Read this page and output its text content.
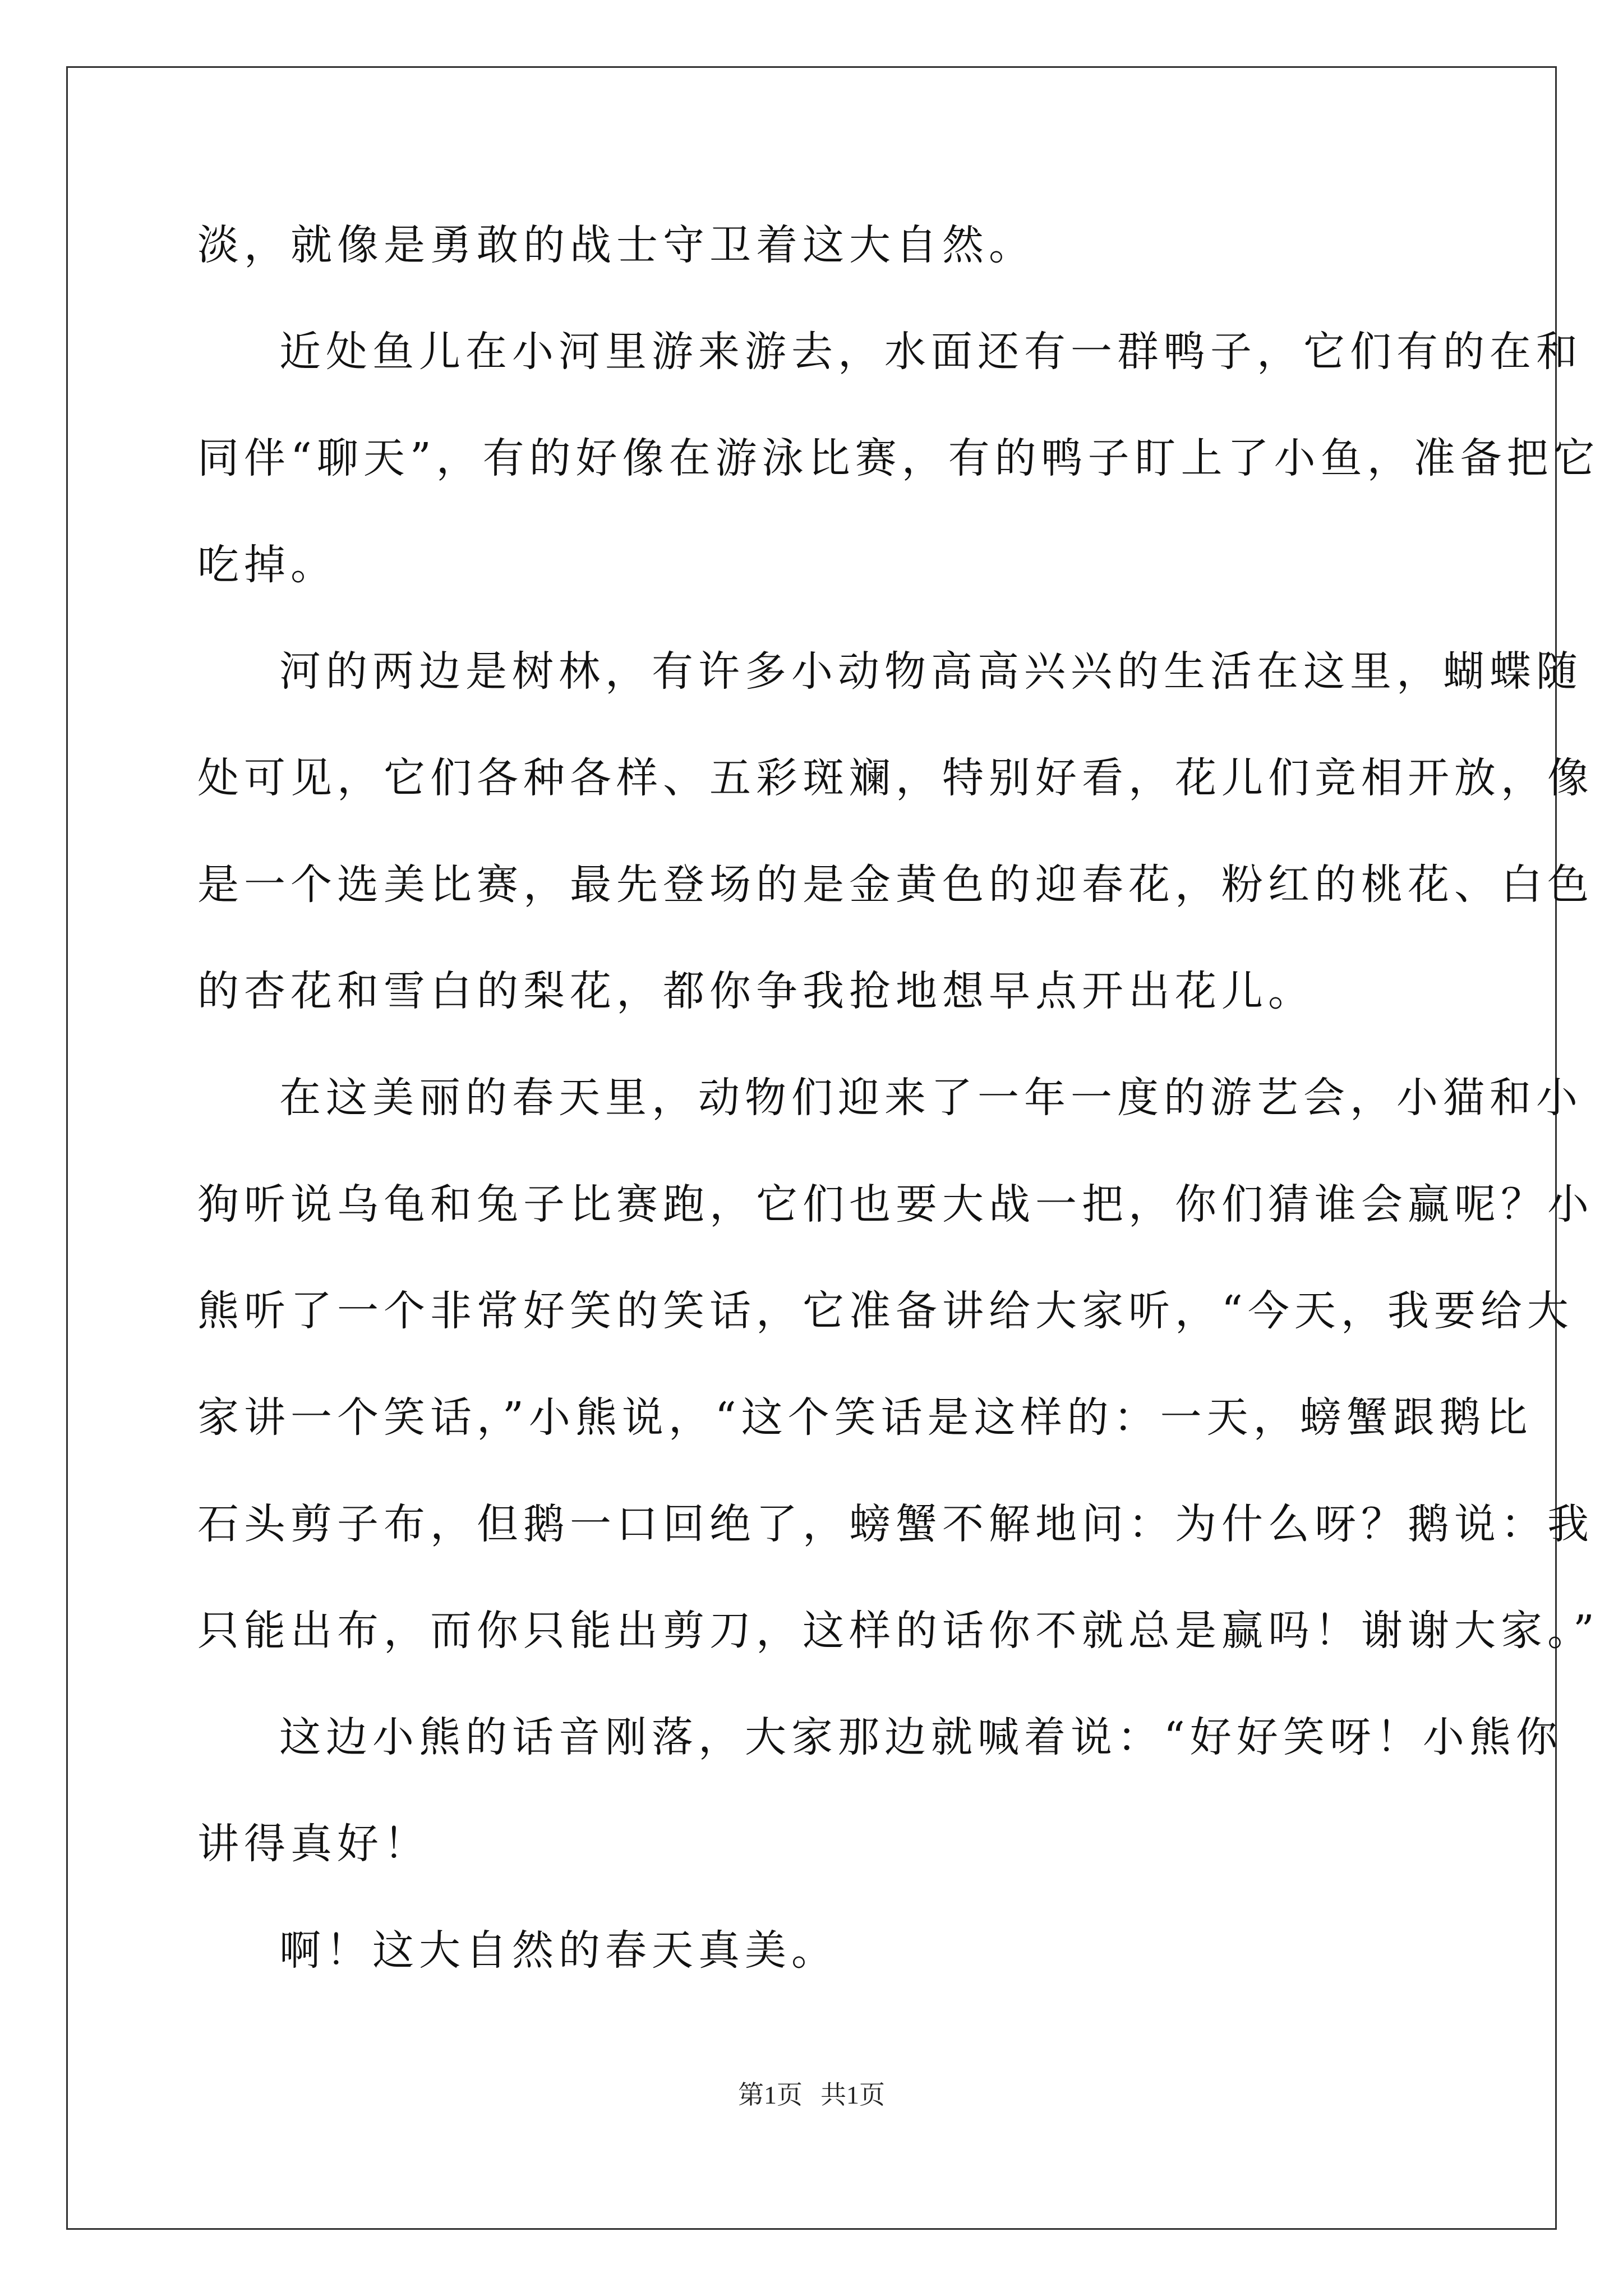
淡，就像是勇敢的战士守卫着这大自然。
近处鱼儿在小河里游来游去，水面还有一群鸭子，它们有的在和
同伴“聊天”，有的好像在游泳比赛，有的鸭子盯上了小鱼，准备把它
吃掉。
河的两边是树林，有许多小动物高高兴兴的生活在这里，蝴蝶随
处可见，它们各种各样、五彩斑斓，特别好看，花儿们竞相开放，像
是一个选美比赛，最先登场的是金黄色的迎春花，粉红的桃花、白色
的杏花和雪白的梨花，都你争我抢地想早点开出花儿。
在这美丽的春天里，动物们迎来了一年一度的游艺会，小猫和小
狗听说乌龟和兔子比赛跑，它们也要大战一把，你们猜谁会赢呢？小
熊听了一个非常好笑的笑话，它准备讲给大家听，“今天，我要给大
家讲一个笑话，”小熊说，“这个笑话是这样的：一天，螃蟹跟鹅比
石头剪子布，但鹅一口回绝了，螃蟹不解地问：为什么呀？鹅说：我
只能出布，而你只能出剪刀，这样的话你不就总是赢吗！谢谢大家。”
这边小熊的话音刚落，大家那边就喊着说：“好好笑呀！小熊你
讲得真好！
啊！这大自然的春天真美。
第1页 共1页
